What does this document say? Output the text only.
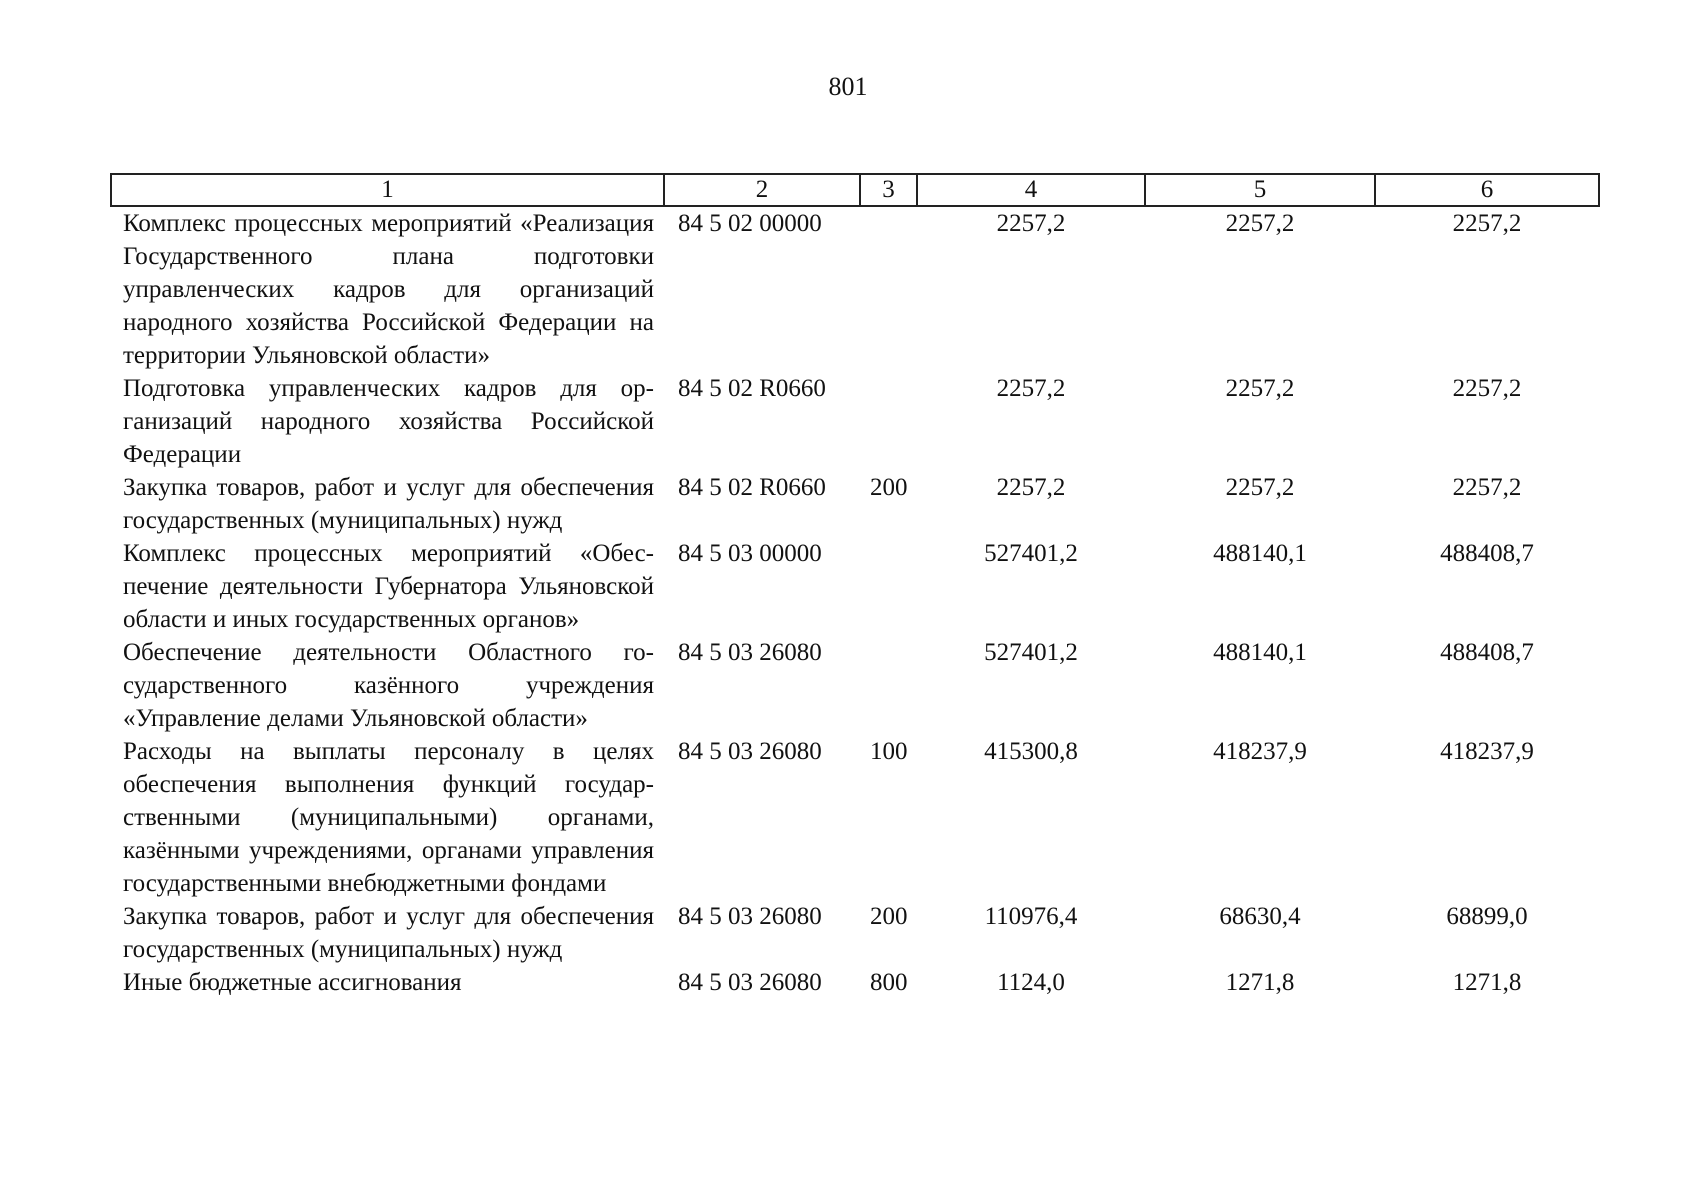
801
1	2	3	4	5	6
Комплекс процессных мероприятий «Реализация Государственного плана подготовки управленческих кадров для организаций народного хозяйства Российской Федерации на территории Ульяновской области»	84 5 02 00000		2257,2	2257,2	2257,2
Подготовка управленческих кадров для организаций народного хозяйства Российской Федерации	84 5 02 R0660		2257,2	2257,2	2257,2
Закупка товаров, работ и услуг для обеспечения государственных (муниципальных) нужд	84 5 02 R0660	200	2257,2	2257,2	2257,2
Комплекс процессных мероприятий «Обеспечение деятельности Губернатора Ульяновской области и иных государственных органов»	84 5 03 00000		527401,2	488140,1	488408,7
Обеспечение деятельности Областного государственного казённого учреждения «Управление делами Ульяновской области»	84 5 03 26080		527401,2	488140,1	488408,7
Расходы на выплаты персоналу в целях обеспечения выполнения функций государственными (муниципальными) органами, казёнными учреждениями, органами управления государственными внебюджетными фондами	84 5 03 26080	100	415300,8	418237,9	418237,9
Закупка товаров, работ и услуг для обеспечения государственных (муниципальных) нужд	84 5 03 26080	200	110976,4	68630,4	68899,0
Иные бюджетные ассигнования	84 5 03 26080	800	1124,0	1271,8	1271,8
